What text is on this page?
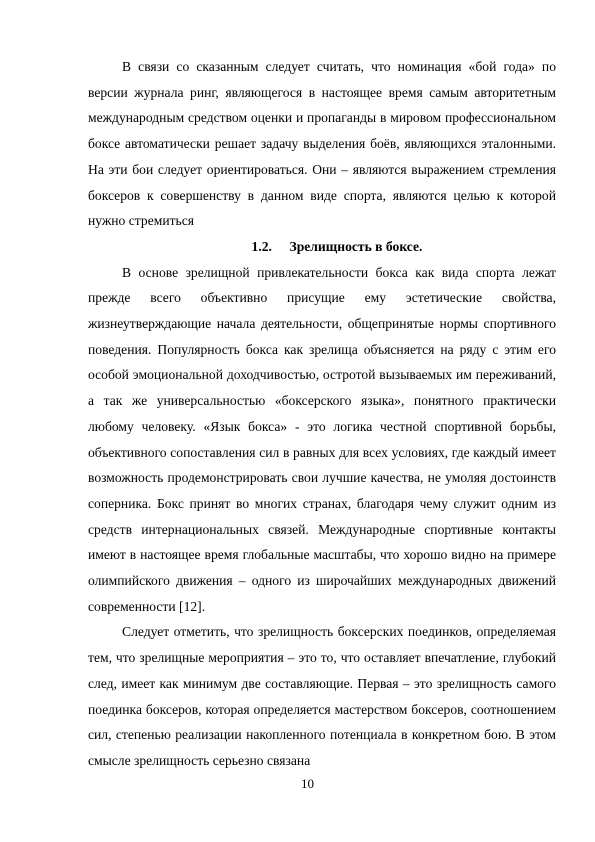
В связи со сказанным следует считать, что номинация «бой года» по версии журнала ринг, являющегося в настоящее время самым авторитетным международным средством оценки и пропаганды в мировом профессиональном боксе автоматически решает задачу выделения боёв, являющихся эталонными. На эти бои следует ориентироваться. Они – являются выражением стремления боксеров к совершенству в данном виде спорта, являются целью к которой нужно стремиться

1.2. Зрелищность в боксе.

В основе зрелищной привлекательности бокса как вида спорта лежат прежде всего объективно присущие ему эстетические свойства, жизнеутверждающие начала деятельности, общепринятые нормы спортивного поведения. Популярность бокса как зрелища объясняется на ряду с этим его особой эмоциональной доходчивостью, остротой вызываемых им переживаний, а так же универсальностью «боксерского языка», понятного практически любому человеку. «Язык бокса» - это логика честной спортивной борьбы, объективного сопоставления сил в равных для всех условиях, где каждый имеет возможность продемонстрировать свои лучшие качества, не умоляя достоинств соперника. Бокс принят во многих странах, благодаря чему служит одним из средств интернациональных связей. Международные спортивные контакты имеют в настоящее время глобальные масштабы, что хорошо видно на примере олимпийского движения – одного из широчайших международных движений современности [12].

Следует отметить, что зрелищность боксерских поединков, определяемая тем, что зрелищные мероприятия – это то, что оставляет впечатление, глубокий след, имеет как минимум две составляющие. Первая – это зрелищность самого поединка боксеров, которая определяется мастерством боксеров, соотношением сил, степенью реализации накопленного потенциала в конкретном бою. В этом смысле зрелищность серьезно связана

10
